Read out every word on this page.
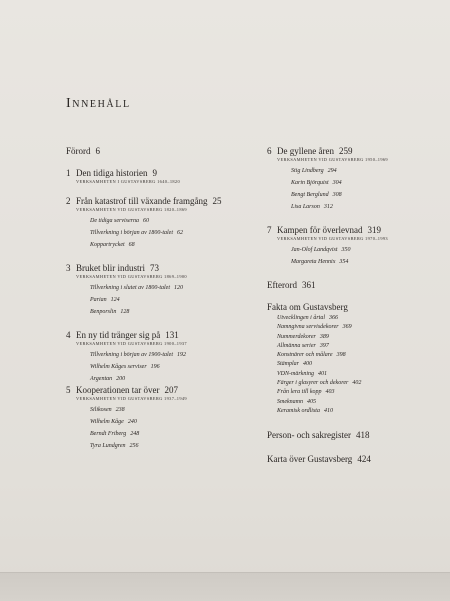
Innehåll
Förord 6
1 Den tidiga historien 9
VERKSAMHETEN I GUSTAVSBERG 1640–1820
2 Från katastrof till växande framgång 25
VERKSAMHETEN VID GUSTAVSBERG 1820–1869
De tidiga serviserna 60
Tillverkning i början av 1800-talet 62
Koppartrycket 68
3 Bruket blir industri 73
VERKSAMHETEN VID GUSTAVSBERG 1869–1900
Tillverkning i slutet av 1800-talet 120
Parian 124
Benporslin 128
4 En ny tid tränger sig på 131
VERKSAMHETEN VID GUSTAVSBERG 1900–1937
Tillverkning i början av 1900-talet 192
Wilhelm Kåges serviser 196
Argentan 200
5 Kooperationen tar över 207
VERKSAMHETEN VID GUSTAVSBERG 1937–1949
Silikosen 238
Wilhelm Kåge 240
Berndt Friberg 248
Tyra Lundgren 256
6 De gyllene åren 259
VERKSAMHETEN VID GUSTAVSBERG 1950–1969
Stig Lindberg 294
Karin Björquist 304
Bengt Berglund 308
Lisa Larson 312
7 Kampen för överlevnad 319
VERKSAMHETEN VID GUSTAVSBERG 1970–1993
Jan-Olof Landqvist 350
Margareta Hennix 354
Efterord 361
Fakta om Gustavsberg
Utvecklingen i årtal 366
Namngivna servisdekorer 369
Nummerdekorer 389
Allmänna serier 397
Konstnärer och målare 398
Stämplar 400
VDN-märkning 401
Färger i glasyrer och dekorer 402
Från lera till kopp 403
Smeknamn 405
Keramisk ordlista 410
Person- och sakregister 418
Karta över Gustavsberg 424
